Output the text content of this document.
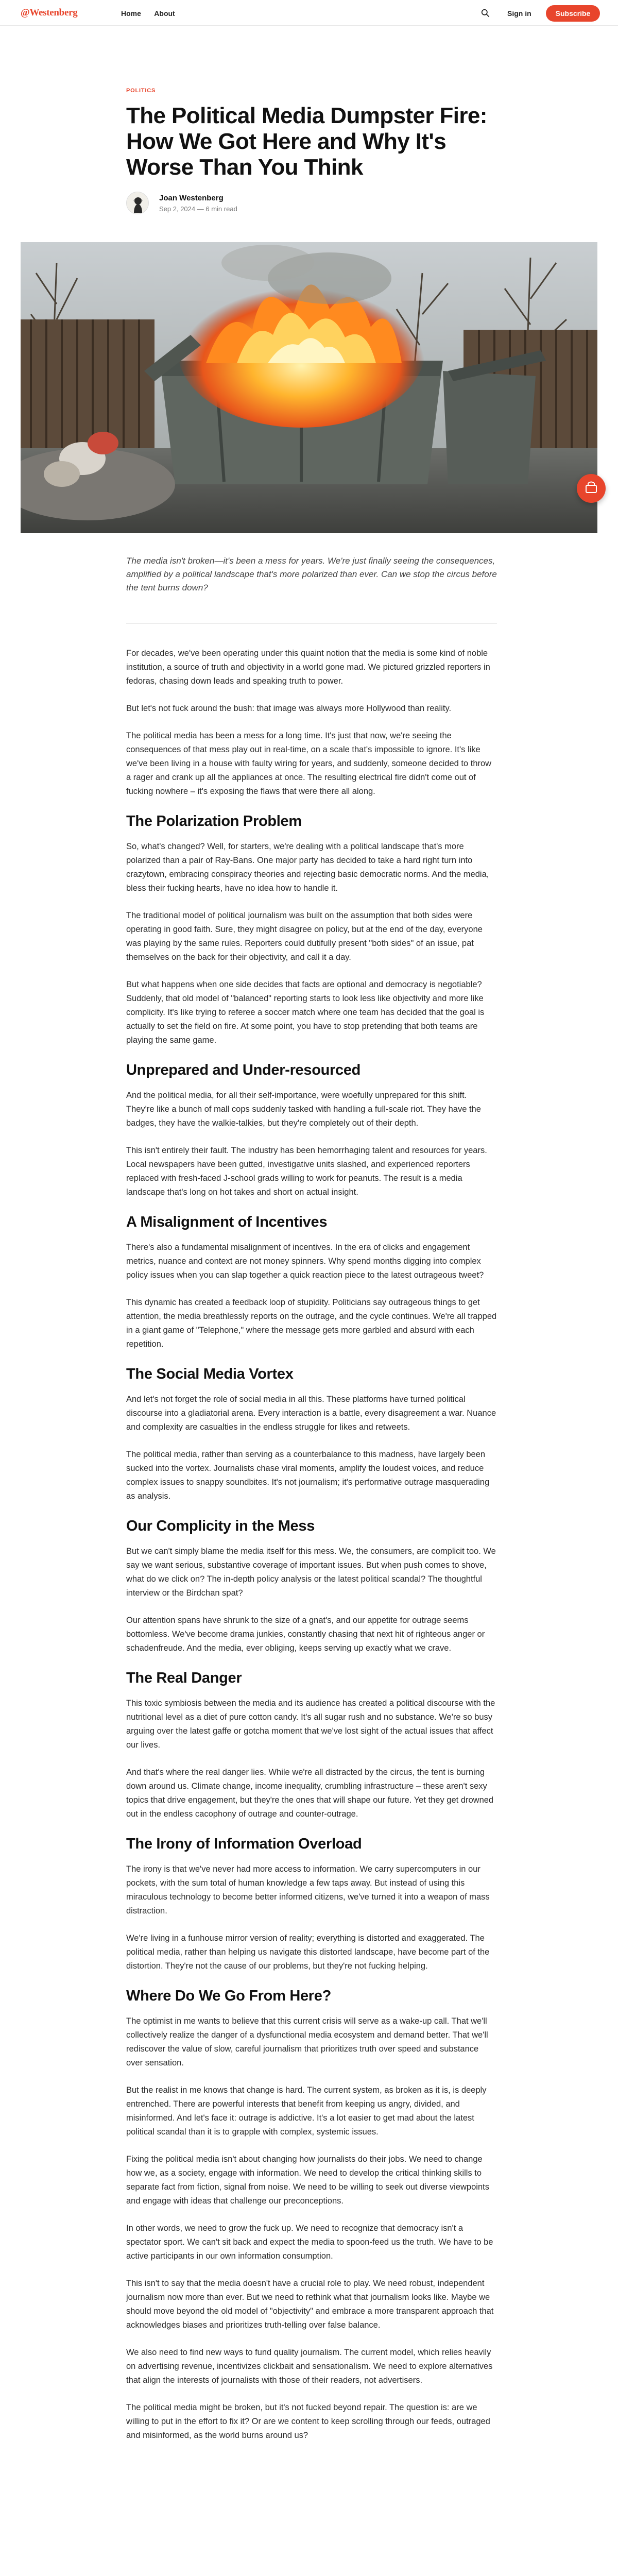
@Westenberg	Home About	Sign in	Subscribe
POLITICS
The Political Media Dumpster Fire: How We Got Here and Why It's Worse Than You Think
Joan Westenberg
Sep 2, 2024 — 6 min read
The media isn't broken—it's been a mess for years. We're just finally seeing the consequences, amplified by a political landscape that's more polarized than ever. Can we stop the circus before the tent burns down?

For decades, we've been operating under this quaint notion that the media is some kind of noble institution, a source of truth and objectivity in a world gone mad. We pictured grizzled reporters in fedoras, chasing down leads and speaking truth to power.

But let's not fuck around the bush: that image was always more Hollywood than reality.

The political media has been a mess for a long time. It's just that now, we're seeing the consequences of that mess play out in real-time, on a scale that's impossible to ignore. It's like we've been living in a house with faulty wiring for years, and suddenly, someone decided to throw a rager and crank up all the appliances at once. The resulting electrical fire didn't come out of fucking nowhere – it's exposing the flaws that were there all along.

The Polarization Problem

So, what's changed? Well, for starters, we're dealing with a political landscape that's more polarized than a pair of Ray-Bans. One major party has decided to take a hard right turn into crazytown, embracing conspiracy theories and rejecting basic democratic norms. And the media, bless their fucking hearts, have no idea how to handle it.

The traditional model of political journalism was built on the assumption that both sides were operating in good faith. Sure, they might disagree on policy, but at the end of the day, everyone was playing by the same rules. Reporters could dutifully present "both sides" of an issue, pat themselves on the back for their objectivity, and call it a day.

But what happens when one side decides that facts are optional and democracy is negotiable? Suddenly, that old model of "balanced" reporting starts to look less like objectivity and more like complicity. It's like trying to referee a soccer match where one team has decided that the goal is actually to set the field on fire. At some point, you have to stop pretending that both teams are playing the same game.

Unprepared and Under-resourced

And the political media, for all their self-importance, were woefully unprepared for this shift. They're like a bunch of mall cops suddenly tasked with handling a full-scale riot. They have the badges, they have the walkie-talkies, but they're completely out of their depth.

This isn't entirely their fault. The industry has been hemorrhaging talent and resources for years. Local newspapers have been gutted, investigative units slashed, and experienced reporters replaced with fresh-faced J-school grads willing to work for peanuts. The result is a media landscape that's long on hot takes and short on actual insight.

A Misalignment of Incentives

There's also a fundamental misalignment of incentives. In the era of clicks and engagement metrics, nuance and context are not money spinners. Why spend months digging into complex policy issues when you can slap together a quick reaction piece to the latest outrageous tweet?

This dynamic has created a feedback loop of stupidity. Politicians say outrageous things to get attention, the media breathlessly reports on the outrage, and the cycle continues. We're all trapped in a giant game of "Telephone," where the message gets more garbled and absurd with each repetition.

The Social Media Vortex

And let's not forget the role of social media in all this. These platforms have turned political discourse into a gladiatorial arena. Every interaction is a battle, every disagreement a war. Nuance and complexity are casualties in the endless struggle for likes and retweets.

The political media, rather than serving as a counterbalance to this madness, have largely been sucked into the vortex. Journalists chase viral moments, amplify the loudest voices, and reduce complex issues to snappy soundbites. It's not journalism; it's performative outrage masquerading as analysis.

Our Complicity in the Mess

But we can't simply blame the media itself for this mess. We, the consumers, are complicit too. We say we want serious, substantive coverage of important issues. But when push comes to shove, what do we click on? The in-depth policy analysis or the latest political scandal? The thoughtful interview or the Birdchan spat?

Our attention spans have shrunk to the size of a gnat's, and our appetite for outrage seems bottomless. We've become drama junkies, constantly chasing that next hit of righteous anger or schadenfreude. And the media, ever obliging, keeps serving up exactly what we crave.

The Real Danger

This toxic symbiosis between the media and its audience has created a political discourse with the nutritional level as a diet of pure cotton candy. It's all sugar rush and no substance. We're so busy arguing over the latest gaffe or gotcha moment that we've lost sight of the actual issues that affect our lives.

And that's where the real danger lies. While we're all distracted by the circus, the tent is burning down around us. Climate change, income inequality, crumbling infrastructure – these aren't sexy topics that drive engagement, but they're the ones that will shape our future. Yet they get drowned out in the endless cacophony of outrage and counter-outrage.

The Irony of Information Overload

The irony is that we've never had more access to information. We carry supercomputers in our pockets, with the sum total of human knowledge a few taps away. But instead of using this miraculous technology to become better informed citizens, we've turned it into a weapon of mass distraction.

We're living in a funhouse mirror version of reality; everything is distorted and exaggerated. The political media, rather than helping us navigate this distorted landscape, have become part of the distortion. They're not the cause of our problems, but they're not fucking helping.

Where Do We Go From Here?

The optimist in me wants to believe that this current crisis will serve as a wake-up call. That we'll collectively realize the danger of a dysfunctional media ecosystem and demand better. That we'll rediscover the value of slow, careful journalism that prioritizes truth over speed and substance over sensation.

But the realist in me knows that change is hard. The current system, as broken as it is, is deeply entrenched. There are powerful interests that benefit from keeping us angry, divided, and misinformed. And let's face it: outrage is addictive. It's a lot easier to get mad about the latest political scandal than it is to grapple with complex, systemic issues.

Fixing the political media isn't about changing how journalists do their jobs. We need to change how we, as a society, engage with information. We need to develop the critical thinking skills to separate fact from fiction, signal from noise. We need to be willing to seek out diverse viewpoints and engage with ideas that challenge our preconceptions.

In other words, we need to grow the fuck up. We need to recognize that democracy isn't a spectator sport. We can't sit back and expect the media to spoon-feed us the truth. We have to be active participants in our own information consumption.

This isn't to say that the media doesn't have a crucial role to play. We need robust, independent journalism now more than ever. But we need to rethink what that journalism looks like. Maybe we should move beyond the old model of "objectivity" and embrace a more transparent approach that acknowledges biases and prioritizes truth-telling over false balance.

We also need to find new ways to fund quality journalism. The current model, which relies heavily on advertising revenue, incentivizes clickbait and sensationalism. We need to explore alternatives that align the interests of journalists with those of their readers, not advertisers.

The political media might be broken, but it's not fucked beyond repair. The question is: are we willing to put in the effort to fix it? Or are we content to keep scrolling through our feeds, outraged and misinformed, as the world burns around us?
